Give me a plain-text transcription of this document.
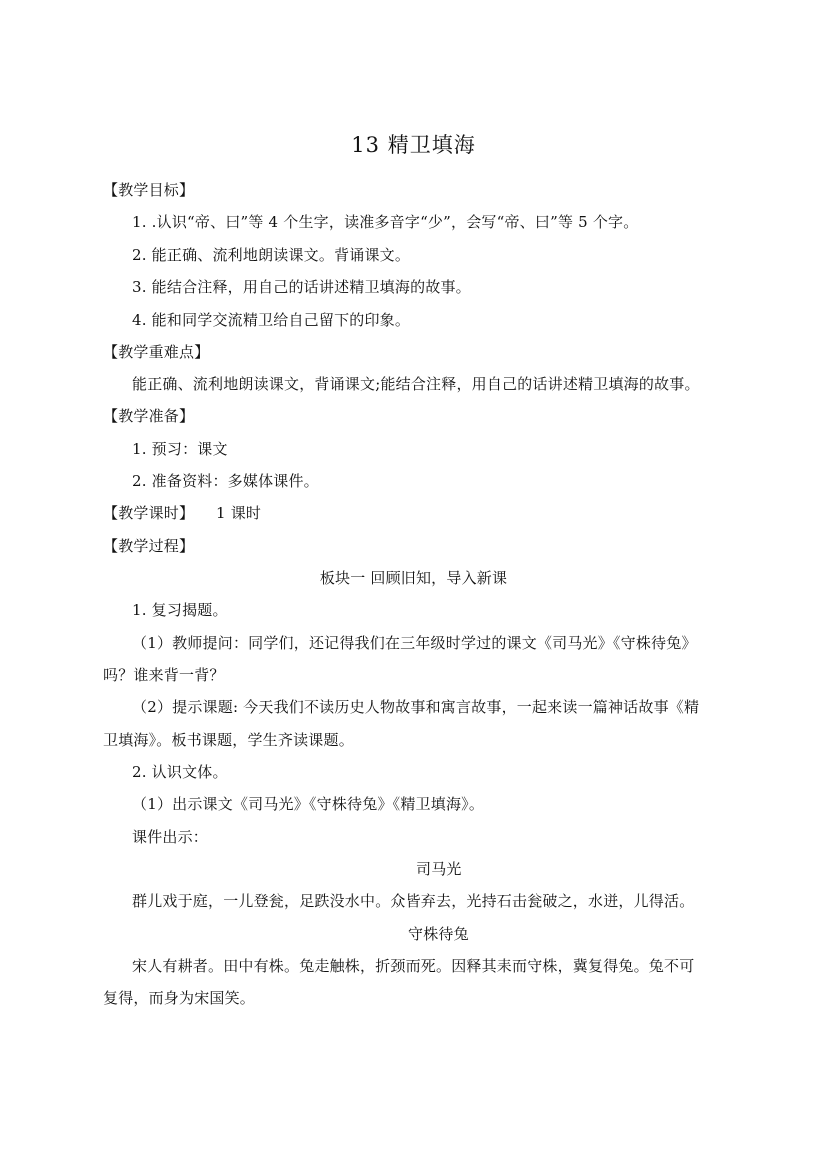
13 精卫填海
【教学目标】
1. .认识“帝、曰”等 4 个生字，读准多音字“少”，会写“帝、曰”等 5 个字。
2. 能正确、流利地朗读课文。背诵课文。
3. 能结合注释，用自己的话讲述精卫填海的故事。
4. 能和同学交流精卫给自己留下的印象。
【教学重难点】
能正确、流利地朗读课文，背诵课文;能结合注释，用自己的话讲述精卫填海的故事。
【教学准备】
1. 预习：课文
2. 准备资料：多媒体课件。
【教学课时】 1 课时
【教学过程】
板块一 回顾旧知，导入新课
1. 复习揭题。
（1）教师提问：同学们，还记得我们在三年级时学过的课文《司马光》《守株待兔》
吗？谁来背一背？
（2）提示课题: 今天我们不读历史人物故事和寓言故事，一起来读一篇神话故事《精
卫填海》。板书课题，学生齐读课题。
2. 认识文体。
（1）出示课文《司马光》《守株待兔》《精卫填海》。
课件出示：
司马光
群儿戏于庭，一儿登瓮，足跌没水中。众皆弃去，光持石击瓮破之，水迸，儿得活。
守株待兔
宋人有耕者。田中有株。兔走触株，折颈而死。因释其耒而守株，冀复得兔。兔不可
复得，而身为宋国笑。
